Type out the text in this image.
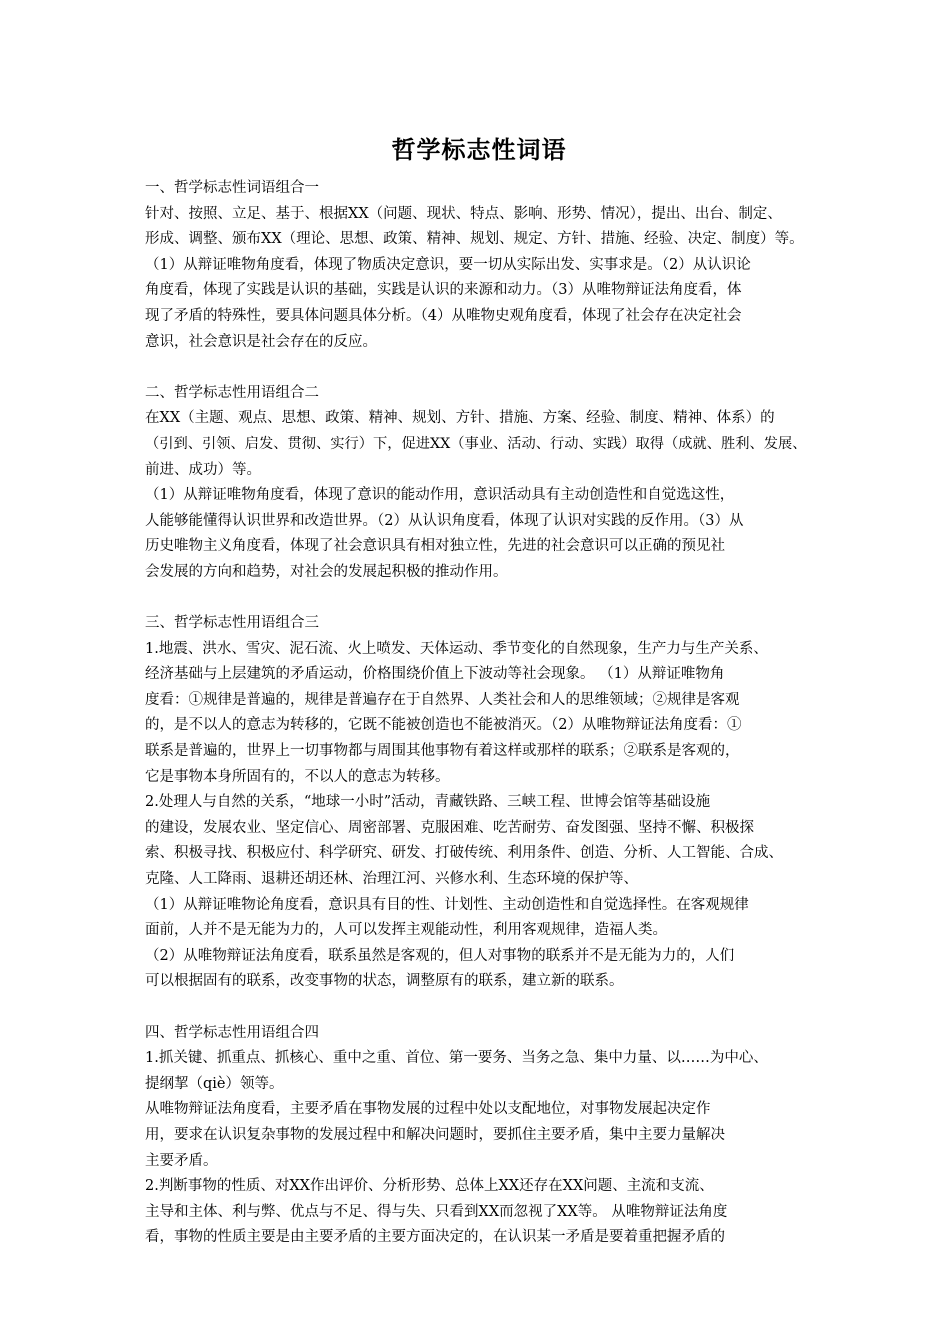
哲学标志性词语
一、哲学标志性词语组合一
针对、按照、立足、基于、根据XX（问题、现状、特点、影响、形势、情况），提出、出台、制定、
形成、调整、颁布XX（理论、思想、政策、精神、规划、规定、方针、措施、经验、决定、制度）等。
（1）从辩证唯物角度看，体现了物质决定意识，要一切从实际出发、实事求是。（2）从认识论
角度看，体现了实践是认识的基础，实践是认识的来源和动力。（3）从唯物辩证法角度看，体
现了矛盾的特殊性，要具体问题具体分析。（4）从唯物史观角度看，体现了社会存在决定社会
意识，社会意识是社会存在的反应。
二、哲学标志性用语组合二
在XX（主题、观点、思想、政策、精神、规划、方针、措施、方案、经验、制度、精神、体系）的
（引到、引领、启发、贯彻、实行）下，促进XX（事业、活动、行动、实践）取得（成就、胜利、发展、
前进、成功）等。
（1）从辩证唯物角度看，体现了意识的能动作用，意识活动具有主动创造性和自觉选这性，
人能够能懂得认识世界和改造世界。（2）从认识角度看，体现了认识对实践的反作用。（3）从
历史唯物主义角度看，体现了社会意识具有相对独立性，先进的社会意识可以正确的预见社
会发展的方向和趋势，对社会的发展起积极的推动作用。
三、哲学标志性用语组合三
1.地震、洪水、雪灾、泥石流、火上喷发、天体运动、季节变化的自然现象，生产力与生产关系、
经济基础与上层建筑的矛盾运动，价格围绕价值上下波动等社会现象。 （1）从辩证唯物角
度看：①规律是普遍的，规律是普遍存在于自然界、人类社会和人的思维领域；②规律是客观
的，是不以人的意志为转移的，它既不能被创造也不能被消灭。（2）从唯物辩证法角度看：①
联系是普遍的，世界上一切事物都与周围其他事物有着这样或那样的联系；②联系是客观的，
它是事物本身所固有的，不以人的意志为转移。
2.处理人与自然的关系，“地球一小时”活动，青藏铁路、三峡工程、世博会馆等基础设施
的建设，发展农业、坚定信心、周密部署、克服困难、吃苦耐劳、奋发图强、坚持不懈、积极探
索、积极寻找、积极应付、科学研究、研发、打破传统、利用条件、创造、分析、人工智能、合成、
克隆、人工降雨、退耕还胡还林、治理江河、兴修水利、生态环境的保护等、
（1）从辩证唯物论角度看，意识具有目的性、计划性、主动创造性和自觉选择性。在客观规律
面前，人并不是无能为力的，人可以发挥主观能动性，利用客观规律，造福人类。
（2）从唯物辩证法角度看，联系虽然是客观的，但人对事物的联系并不是无能为力的，人们
可以根据固有的联系，改变事物的状态，调整原有的联系，建立新的联系。
四、哲学标志性用语组合四
1.抓关键、抓重点、抓核心、重中之重、首位、第一要务、当务之急、集中力量、以……为中心、
提纲挈（qiè）领等。
从唯物辩证法角度看，主要矛盾在事物发展的过程中处以支配地位，对事物发展起决定作
用，要求在认识复杂事物的发展过程中和解决问题时，要抓住主要矛盾，集中主要力量解决
主要矛盾。
2.判断事物的性质、对XX作出评价、分析形势、总体上XX还存在XX问题、主流和支流、
主导和主体、利与弊、优点与不足、得与失、只看到XX而忽视了XX等。 从唯物辩证法角度
看，事物的性质主要是由主要矛盾的主要方面决定的，在认识某一矛盾是要着重把握矛盾的
